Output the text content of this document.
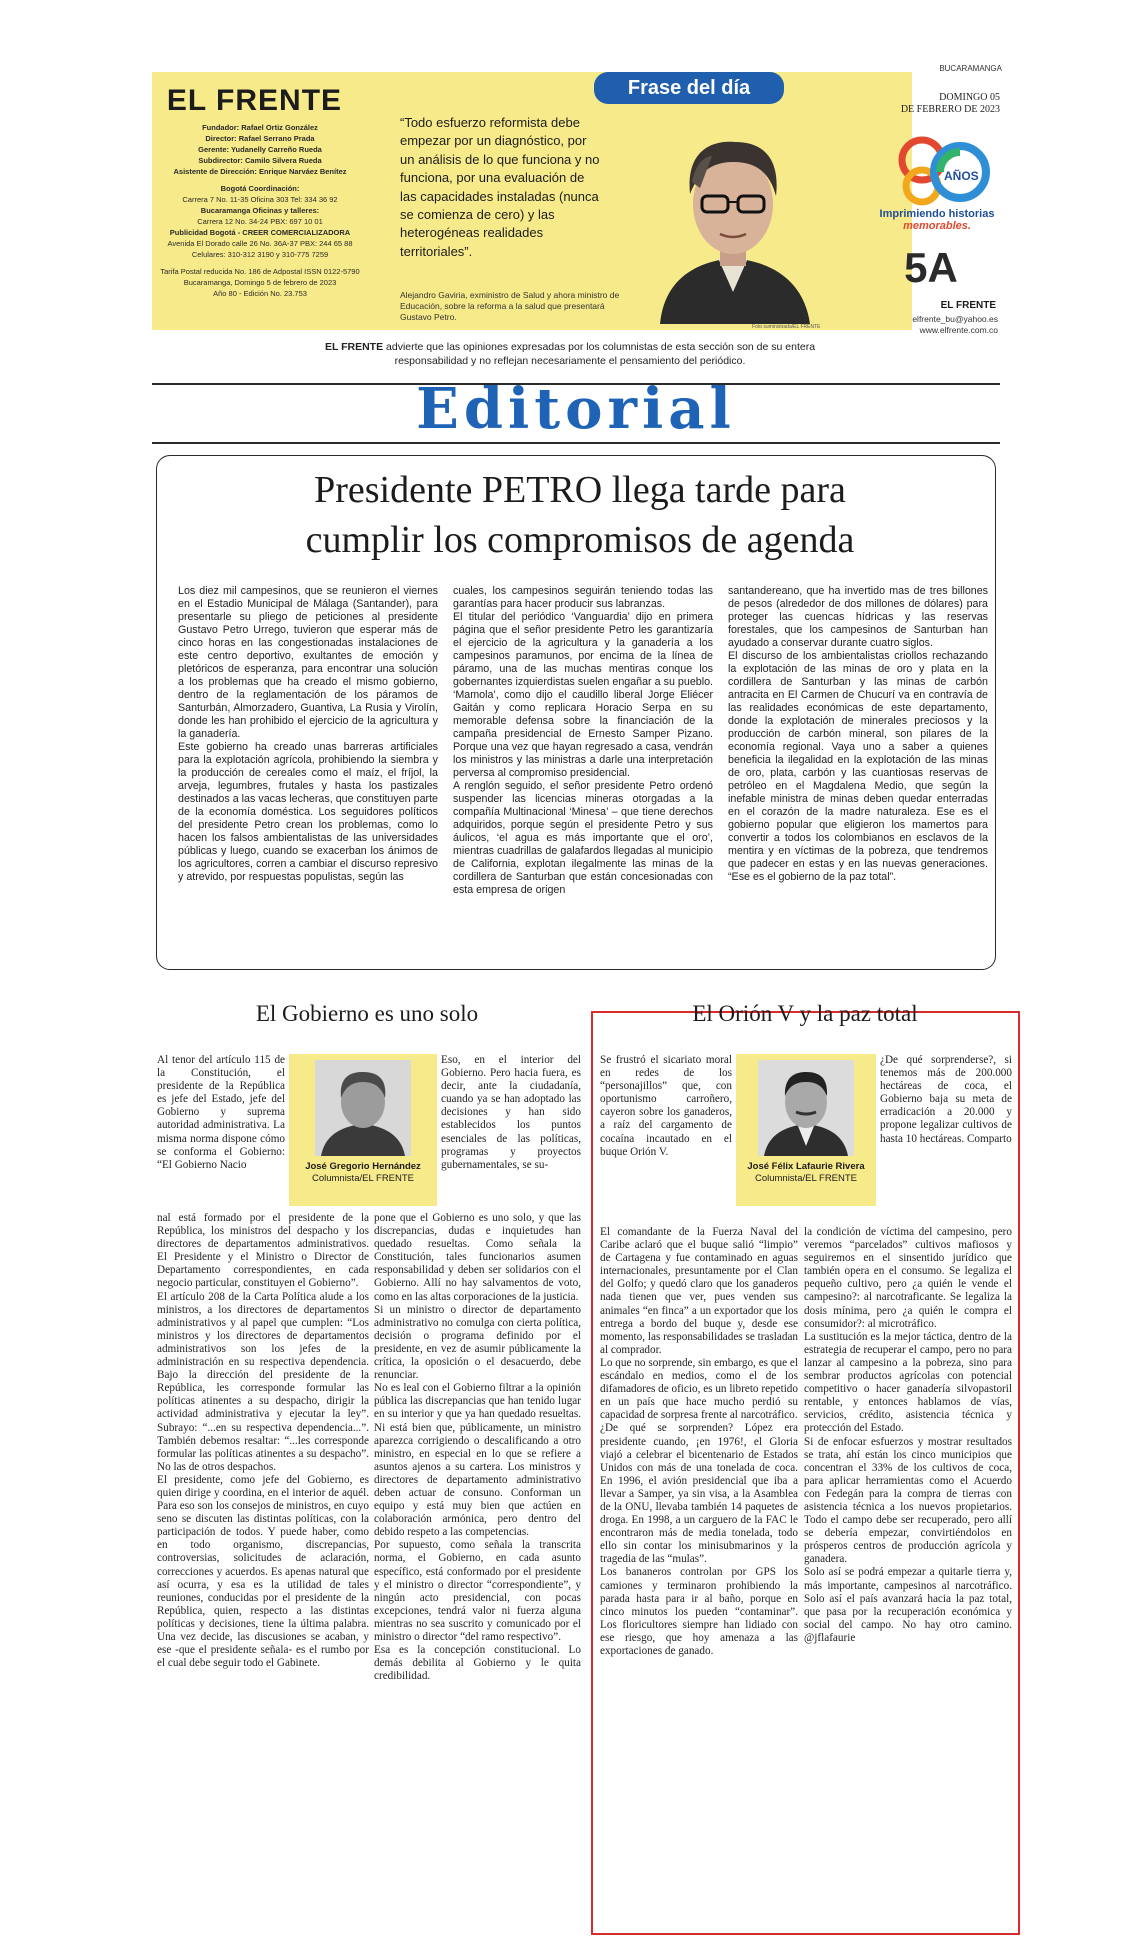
EL FRENTE
Fundador: Rafael Ortiz González
Director: Rafael Serrano Prada
Gerente: Yudanelly Carreño Rueda
Subdirector: Camilo Silvera Rueda
Asistente de Dirección: Enrique Narváez Benítez
Bogotá Coordinación:
Carrera 7 No. 11-35 Oficina 303 Tel: 334 36 92
Bucaramanga Oficinas y talleres:
Carrera 12 No. 34-24 PBX: 697 10 01
Publicidad Bogotá - CREER COMERCIALIZADORA
Avenida El Dorado calle 26 No. 36A-37 PBX: 244 65 88
Celulares: 310-312 3190 y 310-775 7259
Tarifa Postal reducida No. 186 de Adpostal ISSN 0122-5790
Bucaramanga, Domingo 5 de febrero de 2023
Año 80 - Edición No. 23.753
Frase del día
“Todo esfuerzo reformista debe empezar por un diagnóstico, por un análisis de lo que funciona y no funciona, por una evaluación de las capacidades instaladas (nunca se comienza de cero) y las heterogéneas realidades territoriales”.
Alejandro Gaviria, exministro de Salud y ahora ministro de Educación, sobre la reforma a la salud que presentará Gustavo Petro.
Foto suministrada/EL FRENTE
BUCARAMANGA
DOMINGO 05
DE FEBRERO DE 2023
AÑOS
Imprimiendo historias
memorables.
5A
EL FRENTE
elfrente_bu@yahoo.es
www.elfrente.com.co
EL FRENTE advierte que las opiniones expresadas por los columnistas de esta sección son de su entera responsabilidad y no reflejan necesariamente el pensamiento del periódico.
Editorial
Presidente PETRO llega tarde para
cumplir los compromisos de agenda

Los diez mil campesinos, que se reunieron el viernes en el Estadio Municipal de Málaga (Santander), para presentarle su pliego de peticiones al presidente Gustavo Petro Urrego, tuvieron que esperar más de cinco horas en las congestionadas instalaciones de este centro deportivo, exultantes de emoción y pletóricos de esperanza, para encontrar una solución a los problemas que ha creado el mismo gobierno, dentro de la reglamentación de los páramos de Santurbán, Almorzadero, Guantiva, La Rusia y Virolín, donde les han prohibido el ejercicio de la agricultura y la ganadería.

Este gobierno ha creado unas barreras artificiales para la explotación agrícola, prohibiendo la siembra y la producción de cereales como el maíz, el fríjol, la arveja, legumbres, frutales y hasta los pastizales destinados a las vacas lecheras, que constituyen parte de la economía doméstica. Los seguidores políticos del presidente Petro crean los problemas, como lo hacen los falsos ambientalistas de las universidades públicas y luego, cuando se exacerban los ánimos de los agricultores, corren a cambiar el discurso represivo y atrevido, por respuestas populistas, según las

cuales, los campesinos seguirán teniendo todas las garantías para hacer producir sus labranzas.

El titular del periódico ‘Vanguardia’ dijo en primera página que el señor presidente Petro les garantizaría el ejercicio de la agricultura y la ganadería a los campesinos paramunos, por encima de la línea de páramo, una de las muchas mentiras conque los gobernantes izquierdistas suelen engañar a su pueblo. ‘Mamola’, como dijo el caudillo liberal Jorge Eliécer Gaitán y como replicara Horacio Serpa en su memorable defensa sobre la financiación de la campaña presidencial de Ernesto Samper Pizano. Porque una vez que hayan regresado a casa, vendrán los ministros y las ministras a darle una interpretación perversa al compromiso presidencial.

A renglón seguido, el señor presidente Petro ordenó suspender las licencias mineras otorgadas a la compañía Multinacional ‘Minesa’ – que tiene derechos adquiridos, porque según el presidente Petro y sus áulicos, ‘el agua es más importante que el oro’, mientras cuadrillas de galafardos llegadas al municipio de California, explotan ilegalmente las minas de la cordillera de Santurban que están concesionadas con esta empresa de origen

santandereano, que ha invertido mas de tres billones de pesos (alrededor de dos millones de dólares) para proteger las cuencas hídricas y las reservas forestales, que los campesinos de Santurban han ayudado a conservar durante cuatro siglos.

El discurso de los ambientalistas criollos rechazando la explotación de las minas de oro y plata en la cordillera de Santurban y las minas de carbón antracita en El Carmen de Chucurí va en contravía de las realidades económicas de este departamento, donde la explotación de minerales preciosos y la producción de carbón mineral, son pilares de la economía regional. Vaya uno a saber a quienes beneficia la ilegalidad en la explotación de las minas de oro, plata, carbón y las cuantiosas reservas de petróleo en el Magdalena Medio, que según la inefable ministra de minas deben quedar enterradas en el corazón de la madre naturaleza. Ese es el gobierno popular que eligieron los mamertos para convertir a todos los colombianos en esclavos de la mentira y en víctimas de la pobreza, que tendremos que padecer en estas y en las nuevas generaciones. “Ese es el gobierno de la paz total”.

El Gobierno es uno solo
Al tenor del artículo 115 de la Constitución, el presidente de la República es jefe del Estado, jefe del Gobierno y suprema autoridad administrativa. La misma norma dispone cómo se conforma el Gobierno: “El Gobierno Nacio	José Gregorio Hernández
Columnista/EL FRENTE
Eso, en el interior del Gobierno. Pero hacia fuera, es decir, ante la ciudadanía, cuando ya se han adoptado las decisiones y han sido establecidos los puntos esenciales de las políticas, programas y proyectos gubernamentales, se su-

nal está formado por el presidente de la República, los ministros del despacho y los directores de departamentos administrativos. El Presidente y el Ministro o Director de Departamento correspondientes, en cada negocio particular, constituyen el Gobierno”.

El artículo 208 de la Carta Política alude a los ministros, a los directores de departamentos administrativos y al papel que cumplen: “Los ministros y los directores de departamentos administrativos son los jefes de la administración en su respectiva dependencia. Bajo la dirección del presidente de la República, les corresponde formular las políticas atinentes a su despacho, dirigir la actividad administrativa y ejecutar la ley”. Subrayo: “...en su respectiva dependencia...”. También debemos resaltar: “...les corresponde formular las políticas atinentes a su despacho”. No las de otros despachos.

El presidente, como jefe del Gobierno, es quien dirige y coordina, en el interior de aquél. Para eso son los consejos de ministros, en cuyo seno se discuten las distintas políticas, con la participación de todos. Y puede haber, como en todo organismo, discrepancias, controversias, solicitudes de aclaración, correcciones y acuerdos. Es apenas natural que así ocurra, y esa es la utilidad de tales reuniones, conducidas por el presidente de la República, quien, respecto a las distintas políticas y decisiones, tiene la última palabra. Una vez decide, las discusiones se acaban, y ese -que el presidente señala- es el rumbo por el cual debe seguir todo el Gabinete.

pone que el Gobierno es uno solo, y que las discrepancias, dudas e inquietudes han quedado resueltas. Como señala la Constitución, tales funcionarios asumen responsabilidad y deben ser solidarios con el Gobierno. Allí no hay salvamentos de voto, como en las altas corporaciones de la justicia.

Si un ministro o director de departamento administrativo no comulga con cierta política, decisión o programa definido por el presidente, en vez de asumir públicamente la crítica, la oposición o el desacuerdo, debe renunciar.

No es leal con el Gobierno filtrar a la opinión pública las discrepancias que han tenido lugar en su interior y que ya han quedado resueltas. Ni está bien que, públicamente, un ministro aparezca corrigiendo o descalificando a otro ministro, en especial en lo que se refiere a asuntos ajenos a su cartera. Los ministros y directores de departamento administrativo deben actuar de consuno. Conforman un equipo y está muy bien que actúen en colaboración armónica, pero dentro del debido respeto a las competencias.

Por supuesto, como señala la transcrita norma, el Gobierno, en cada asunto específico, está conformado por el presidente y el ministro o director “correspondiente”, y ningún acto presidencial, con pocas excepciones, tendrá valor ni fuerza alguna mientras no sea suscrito y comunicado por el ministro o director “del ramo respectivo”.

Esa es la concepción constitucional. Lo demás debilita al Gobierno y le quita credibilidad.

El Orión V y la paz total
Se frustró el sicariato moral en redes de los “personajillos” que, con oportunismo carroñero, cayeron sobre los ganaderos, a raíz del cargamento de cocaína incautado en el buque Orión V.
José Félix Lafaurie Rivera
Columnista/EL FRENTE
¿De qué sorprenderse?, si tenemos más de 200.000 hectáreas de coca, el Gobierno baja su meta de erradicación a 20.000 y propone legalizar cultivos de hasta 10 hectáreas. Comparto

El comandante de la Fuerza Naval del Caribe aclaró que el buque salió “limpio” de Cartagena y fue contaminado en aguas internacionales, presuntamente por el Clan del Golfo; y quedó claro que los ganaderos nada tienen que ver, pues venden sus animales “en finca” a un exportador que los entrega a bordo del buque y, desde ese momento, las responsabilidades se trasladan al comprador.

Lo que no sorprende, sin embargo, es que el escándalo en medios, como el de los difamadores de oficio, es un libreto repetido en un país que hace mucho perdió su capacidad de sorpresa frente al narcotráfico.

¿De qué se sorprenden? López era presidente cuando, ¡en 1976!, el Gloria viajó a celebrar el bicentenario de Estados Unidos con más de una tonelada de coca. En 1996, el avión presidencial que iba a llevar a Samper, ya sin visa, a la Asamblea de la ONU, llevaba también 14 paquetes de droga. En 1998, a un carguero de la FAC le encontraron más de media tonelada, todo ello sin contar los minisubmarinos y la tragedia de las “mulas”.

Los bananeros controlan por GPS los camiones y terminaron prohibiendo la parada hasta para ir al baño, porque en cinco minutos los pueden “contaminar”. Los floricultores siempre han lidiado con ese riesgo, que hoy amenaza a las exportaciones de ganado.

la condición de víctima del campesino, pero veremos “parcelados” cultivos mafiosos y seguiremos en el sinsentido jurídico que también opera en el consumo. Se legaliza el pequeño cultivo, pero ¿a quién le vende el campesino?: al narcotraficante. Se legaliza la dosis mínima, pero ¿a quién le compra el consumidor?: al microtráfico.

La sustitución es la mejor táctica, dentro de la estrategia de recuperar el campo, pero no para lanzar al campesino a la pobreza, sino para sembrar productos agrícolas con potencial competitivo o hacer ganadería silvopastoril rentable, y entonces hablamos de vías, servicios, crédito, asistencia técnica y protección del Estado.

Si de enfocar esfuerzos y mostrar resultados se trata, ahí están los cinco municipios que concentran el 33% de los cultivos de coca, para aplicar herramientas como el Acuerdo con Fedegán para la compra de tierras con asistencia técnica a los nuevos propietarios. Todo el campo debe ser recuperado, pero allí se debería empezar, convirtiéndolos en prósperos centros de producción agrícola y ganadera.

Solo así se podrá empezar a quitarle tierra y, más importante, campesinos al narcotráfico. Solo así el país avanzará hacia la paz total, que pasa por la recuperación económica y social del campo. No hay otro camino. @jflafaurie
